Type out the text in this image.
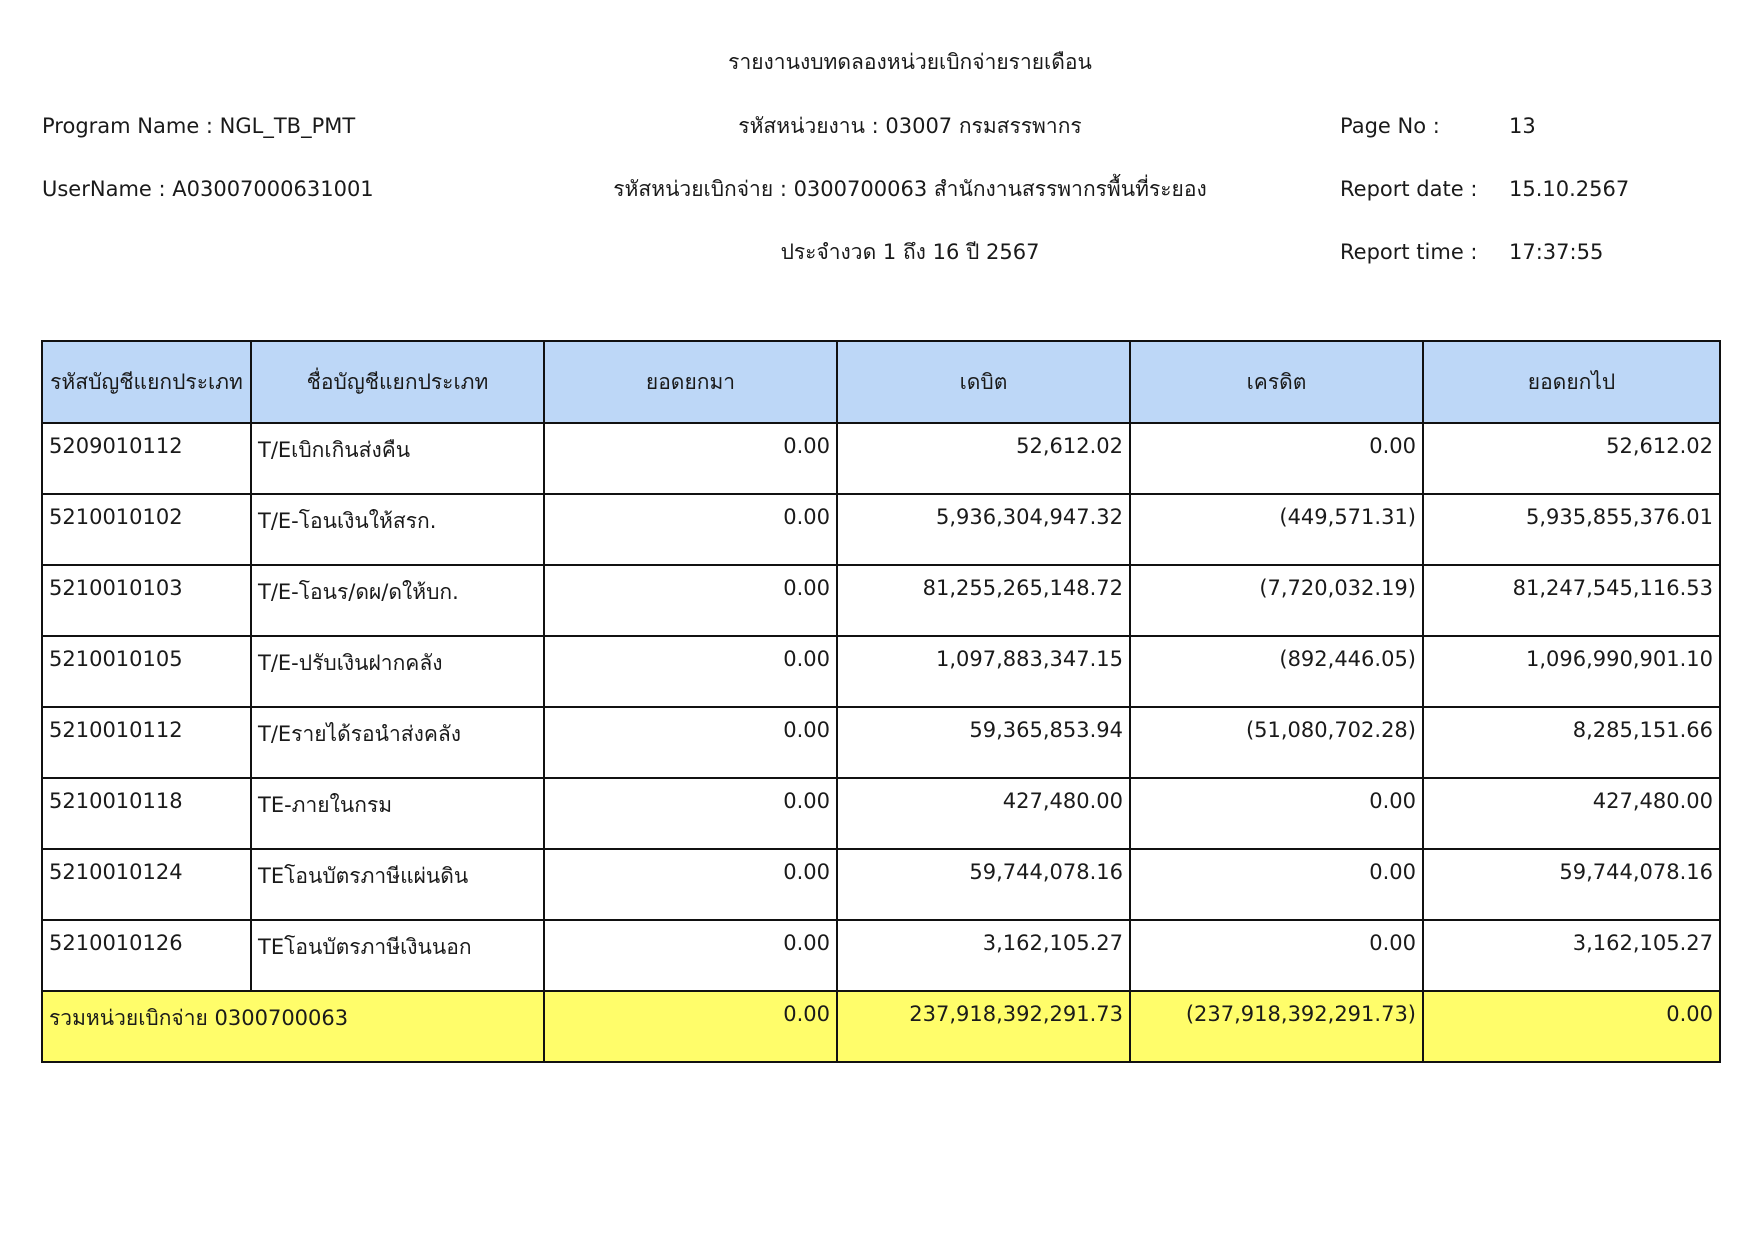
รายงานงบทดลองหน่วยเบิกจ่ายรายเดือน
Program Name : NGL_TB_PMT	รหัสหน่วยงาน : 03007 กรมสรรพากร	Page No :	13
UserName : A03007000631001	รหัสหน่วยเบิกจ่าย : 0300700063 สำนักงานสรรพากรพื้นที่ระยอง	Report date : 15.10.2567
ประจำงวด 1 ถึง 16 ปี 2567	Report time : 17:37:55
รหัสบัญชีแยกประเภท	ชื่อบัญชีแยกประเภท	ยอดยกมา	เดบิต	เครดิต	ยอดยกไป
5209010112	T/Eเบิกเกินส่งคืน	0.00	52,612.02	0.00	52,612.02
5210010102	T/E-โอนเงินให้สรก.	0.00	5,936,304,947.32	(449,571.31)	5,935,855,376.01
5210010103	T/E-โอนร/ดผ/ดให้บก.	0.00	81,255,265,148.72	(7,720,032.19)	81,247,545,116.53
5210010105	T/E-ปรับเงินฝากคลัง	0.00	1,097,883,347.15	(892,446.05)	1,096,990,901.10
5210010112	T/Eรายได้รอนำส่งคลัง	0.00	59,365,853.94	(51,080,702.28)	8,285,151.66
5210010118	TE-ภายในกรม	0.00	427,480.00	0.00	427,480.00
5210010124	TEโอนบัตรภาษีแผ่นดิน	0.00	59,744,078.16	0.00	59,744,078.16
5210010126	TEโอนบัตรภาษีเงินนอก	0.00	3,162,105.27	0.00	3,162,105.27
รวมหน่วยเบิกจ่าย 0300700063		0.00	237,918,392,291.73	(237,918,392,291.73)	0.00
